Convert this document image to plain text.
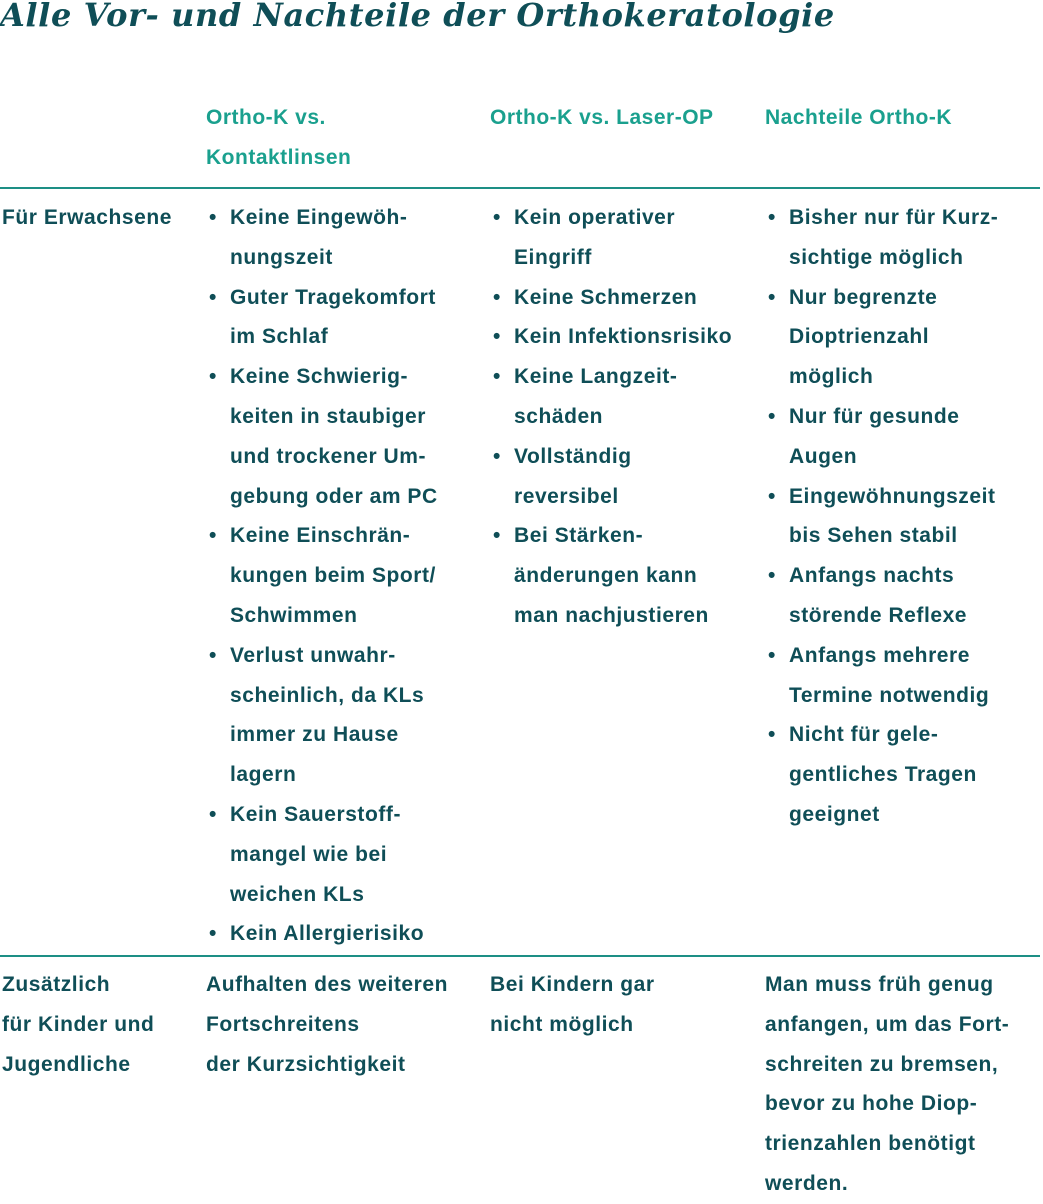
Alle Vor- und Nachteile der Orthokeratologie
Ortho-K vs.
Kontaktlinsen
Ortho-K vs. Laser-OP Nachteile Ortho-K
Für Erwachsene
•	Keine Eingewöh-
nungszeit
• Guter Tragekomfort
im Schlaf
• Keine Schwierig-
keiten in staubiger
und trockener Um-
gebung oder am PC
• Keine Einschrän-
kungen beim Sport/
Schwimmen
• Verlust unwahr-
scheinlich, da KLs
immer zu Hause
lagern
• Kein Sauerstoff-
mangel wie bei
weichen KLs
• Kein Allergierisiko
• Kein operativer
Eingriff
• Keine Schmerzen
• Kein Infektionsrisiko
• Keine Langzeit-
schäden
• Vollständig
reversibel
• Bei Stärken-
änderungen kann
man nachjustieren
• Bisher nur für Kurz-
sichtige möglich
• Nur begrenzte
Dioptrienzahl
möglich
• Nur für gesunde
Augen
• Eingewöhnungszeit
bis Sehen stabil
• Anfangs nachts
störende Reflexe
• Anfangs mehrere
Termine notwendig
• Nicht für gele-
gentliches Tragen
geeignet
Zusätzlich
für Kinder und
Jugendliche
Aufhalten des weiteren
Fortschreitens
der Kurzsichtigkeit
Bei Kindern gar
nicht möglich
Man muss früh genug
anfangen, um das Fort-
schreiten zu bremsen,
bevor zu hohe Diop-
trienzahlen benötigt
werden.
